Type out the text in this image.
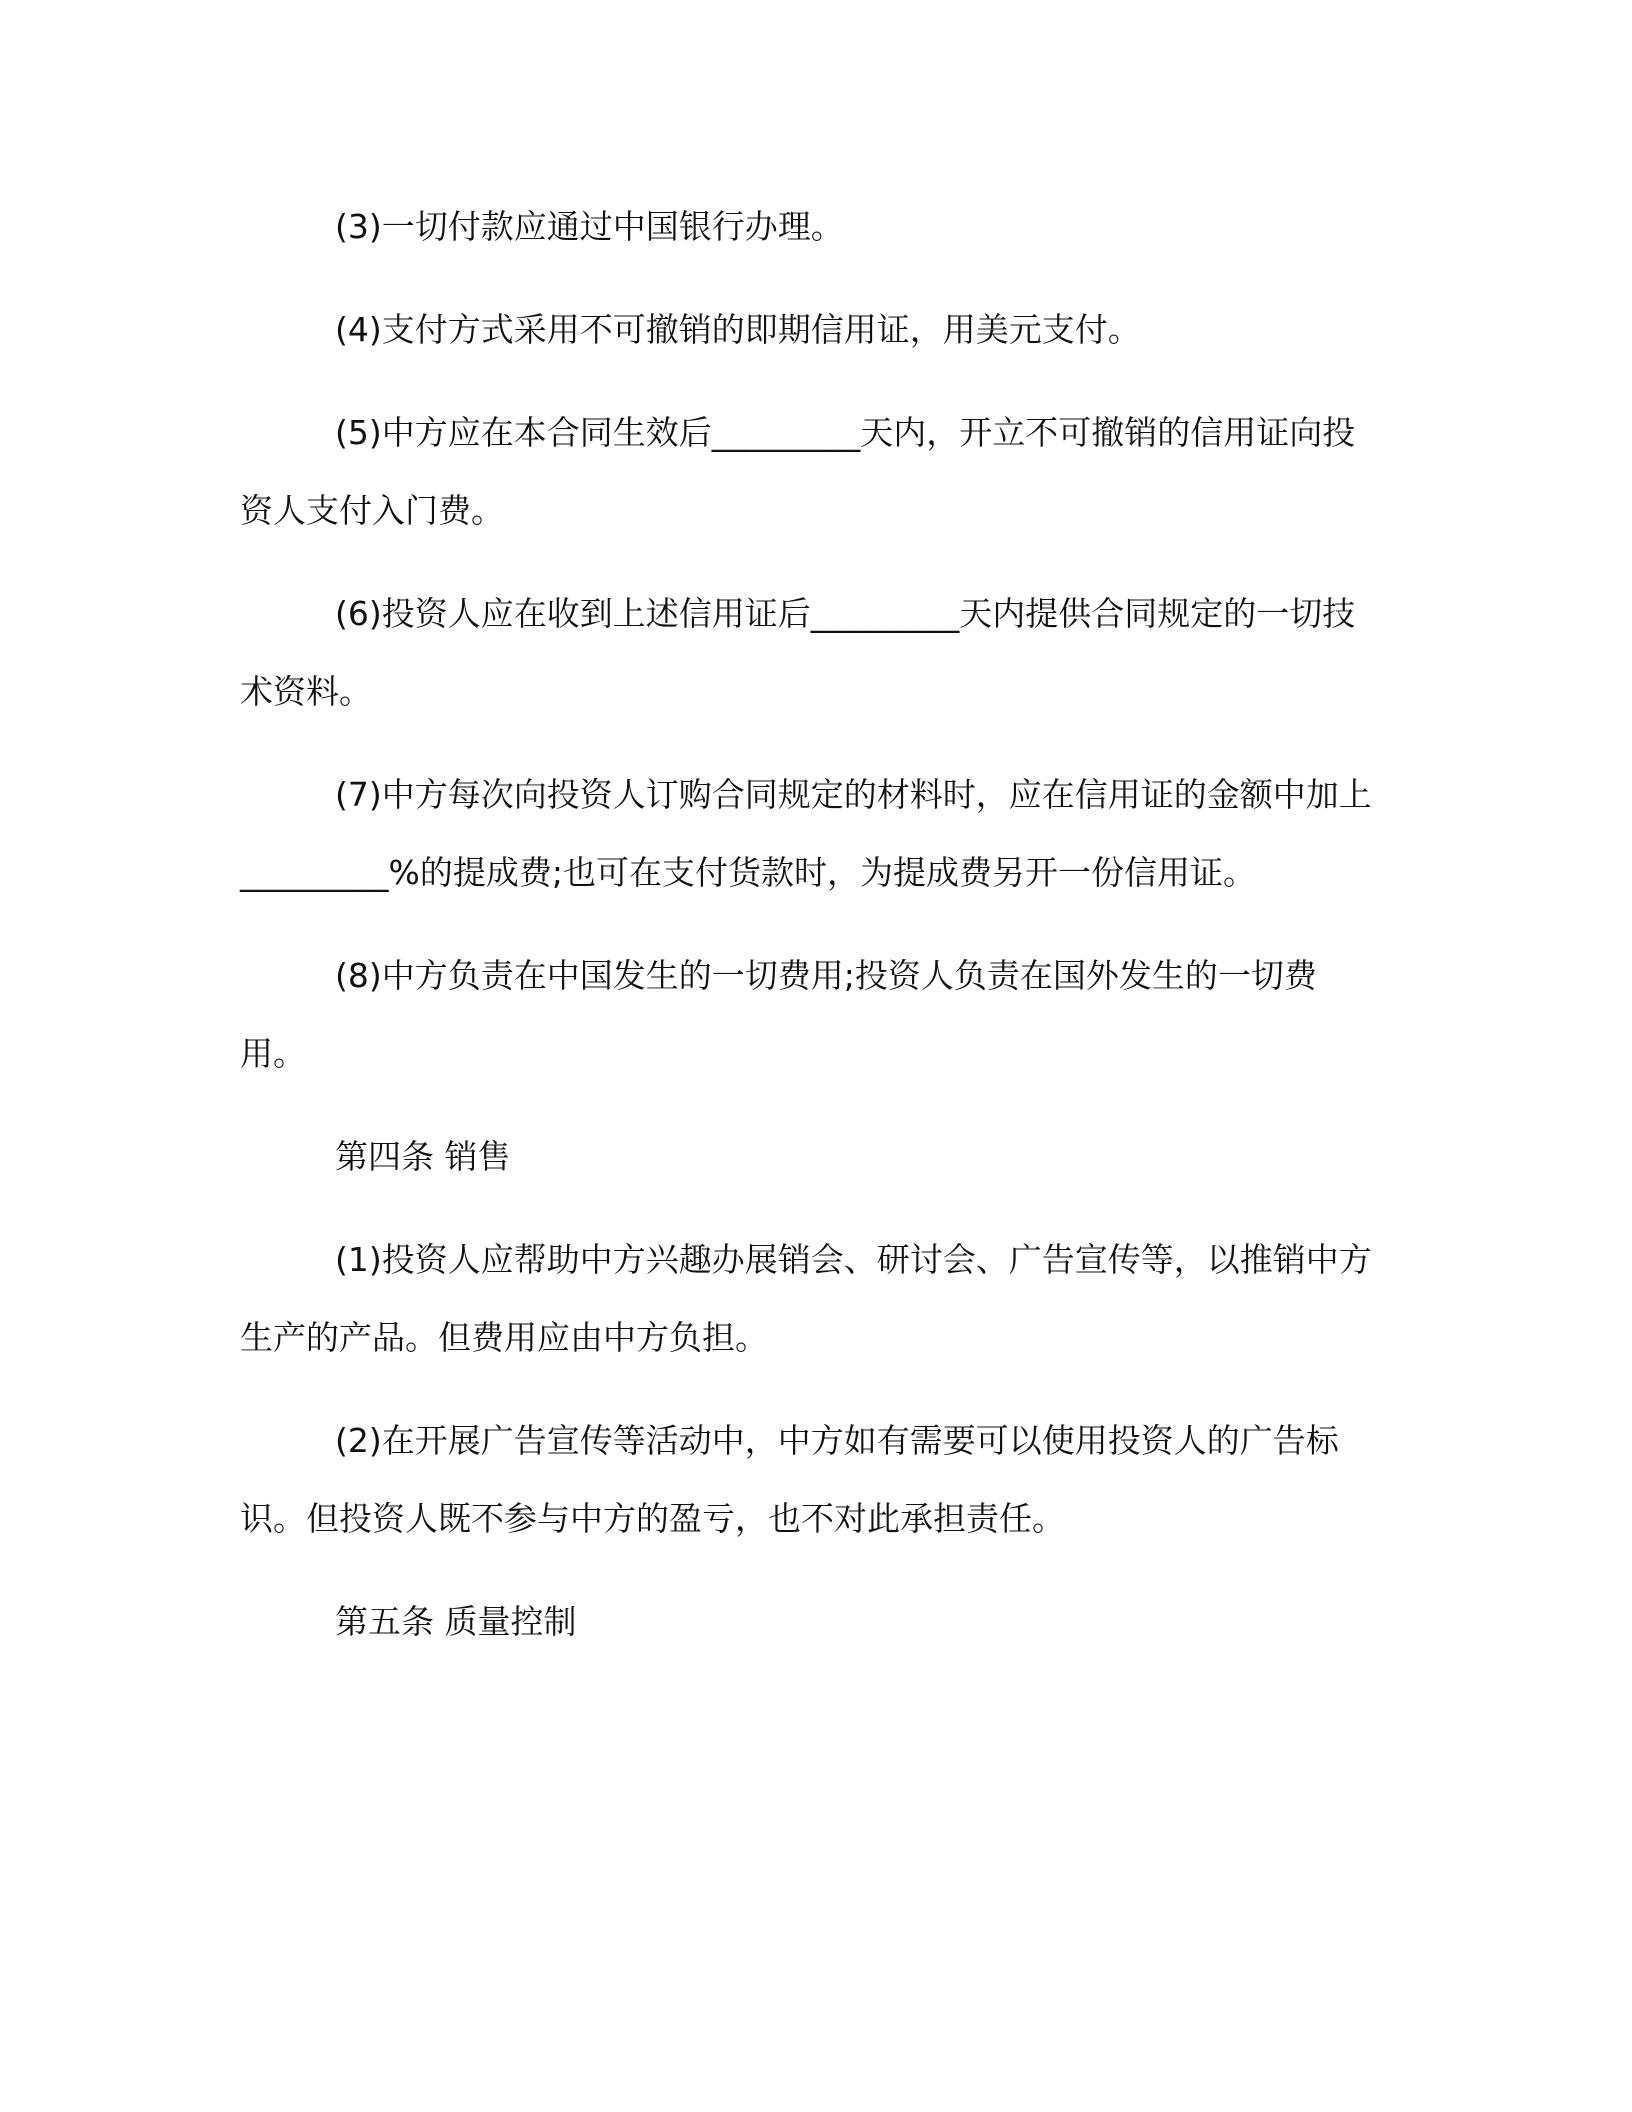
(3)一切付款应通过中国银行办理。

(4)支付方式采用不可撤销的即期信用证，用美元支付。

(5)中方应在本合同生效后_________天内，开立不可撤销的信用证向投资人支付入门费。

(6)投资人应在收到上述信用证后_________天内提供合同规定的一切技术资料。

(7)中方每次向投资人订购合同规定的材料时，应在信用证的金额中加上_________%的提成费;也可在支付货款时，为提成费另开一份信用证。

(8)中方负责在中国发生的一切费用;投资人负责在国外发生的一切费用。

第四条 销售

(1)投资人应帮助中方兴趣办展销会、研讨会、广告宣传等，以推销中方生产的产品。但费用应由中方负担。

(2)在开展广告宣传等活动中，中方如有需要可以使用投资人的广告标识。但投资人既不参与中方的盈亏，也不对此承担责任。

第五条 质量控制
